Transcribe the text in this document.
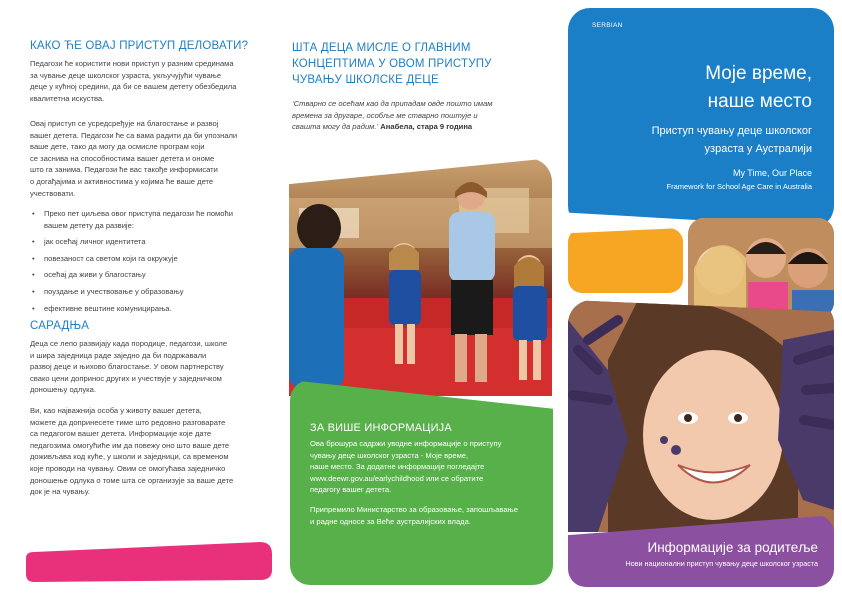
КАКО ЋЕ ОВАЈ ПРИСТУП ДЕЛОВАТИ?
Педагози ће користити нови приступ у разним срединама
за чување деце школског узраста, укључујући чување
деце у кућној средини, да би се вашем детету обезбедила
квалитетна искуства.
Овај приступ се усредсређује на благостање и развој
вашег детета. Педагози ће са вама радити да би упознали
ваше дете, тако да могу да осмисле програм који
се заснива на способностима вашег детета и ономе
што га занима. Педагози ће вас такође информисати
о догађајима и активностима у којима ће ваше дете
учествовати.
• Преко пет циљева овог приступа педагози ће помоћи
вашем детету да развије:
• јак осећај личног идентитета
• повезаност са светом који га окружује
• осећај да живи у благостању
• поуздање и учествовање у образовању
• ефективне вештине комуницирања.
САРАДЊА
Деца се лепо развијају када породице, педагози, школе
и шира заједница раде заједно да би подржавали
развој деце и њихово благостање. У овом партнерству
свако цени допринос других и учествује у заједничком
доношењу одлука.
Ви, као најважнија особа у животу вашег детета,
можете да допринесете тиме што редовно разговарате
са педагогом вашег детета. Информације које дате
педагозима омогућиће им да повежу оно што ваше дете
доживљава код куће, у школи и заједници, са временом
које проводи на чувању. Овим се омогућава заједничко
доношење одлука о томе шта се организује за ваше дете
док је на чувању.
ШТА ДЕЦА МИСЛЕ О ГЛАВНИМ
КОНЦЕПТИМА У ОВОМ ПРИСТУПУ
ЧУВАЊУ ШКОЛСКЕ ДЕЦЕ
‘Стварно се осећам као да припадам овде пошто имам
времена за другаре, особље ме стварно поштује и
свашта могу да радим.’ Анабела, стара 9 година
ЗА ВИШЕ ИНФОРМАЦИЈА
Ова брошура садржи уводне информације о приступу
чувању деце школског узраста - Моје време,
наше место. За додатне информације погледајте
www.deewr.gov.au/earlychildhood или се обратите
педагогу вашег детета.
Припремило Министарство за образовање, запошљавање
и радне односе за Веће аустралијских влада.
SERBIAN
Моје време,
наше место
Приступ чувању деце школског
узраста у Аустралији
My Time, Our Place
Framework for School Age Care in Australia
Информације за родитеље
Нови национални приступ чувању деце школског узраста
